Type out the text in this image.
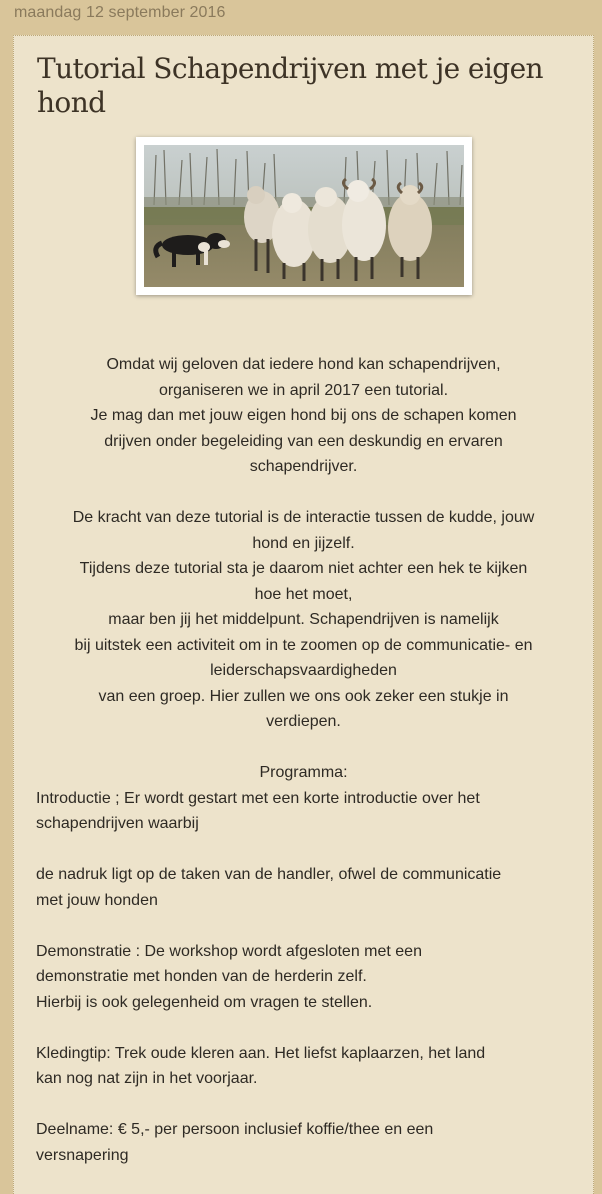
maandag 12 september 2016
Tutorial Schapendrijven met je eigen hond
Omdat wij geloven dat iedere hond kan schapendrijven,
organiseren we in april 2017 een tutorial.
Je mag dan met jouw eigen hond bij ons de schapen komen
drijven onder begeleiding van een deskundig en ervaren
schapendrijver.
De kracht van deze tutorial is de interactie tussen de kudde, jouw
hond en jijzelf.
Tijdens deze tutorial sta je daarom niet achter een hek te kijken
hoe het moet,
maar ben jij het middelpunt. Schapendrijven is namelijk
bij uitstek een activiteit om in te zoomen op de communicatie- en
leiderschapsvaardigheden
van een groep. Hier zullen we ons ook zeker een stukje in
verdiepen.
Programma:
Introductie ; Er wordt gestart met een korte introductie over het
schapendrijven waarbij
de nadruk ligt op de taken van de handler, ofwel de communicatie
met jouw honden
Demonstratie : De workshop wordt afgesloten met een
demonstratie met honden van de herderin zelf.
Hierbij is ook gelegenheid om vragen te stellen.
Kledingtip: Trek oude kleren aan. Het liefst kaplaarzen, het land
kan nog nat zijn in het voorjaar.
Deelname: € 5,- per persoon inclusief koffie/thee en een
versnapering
